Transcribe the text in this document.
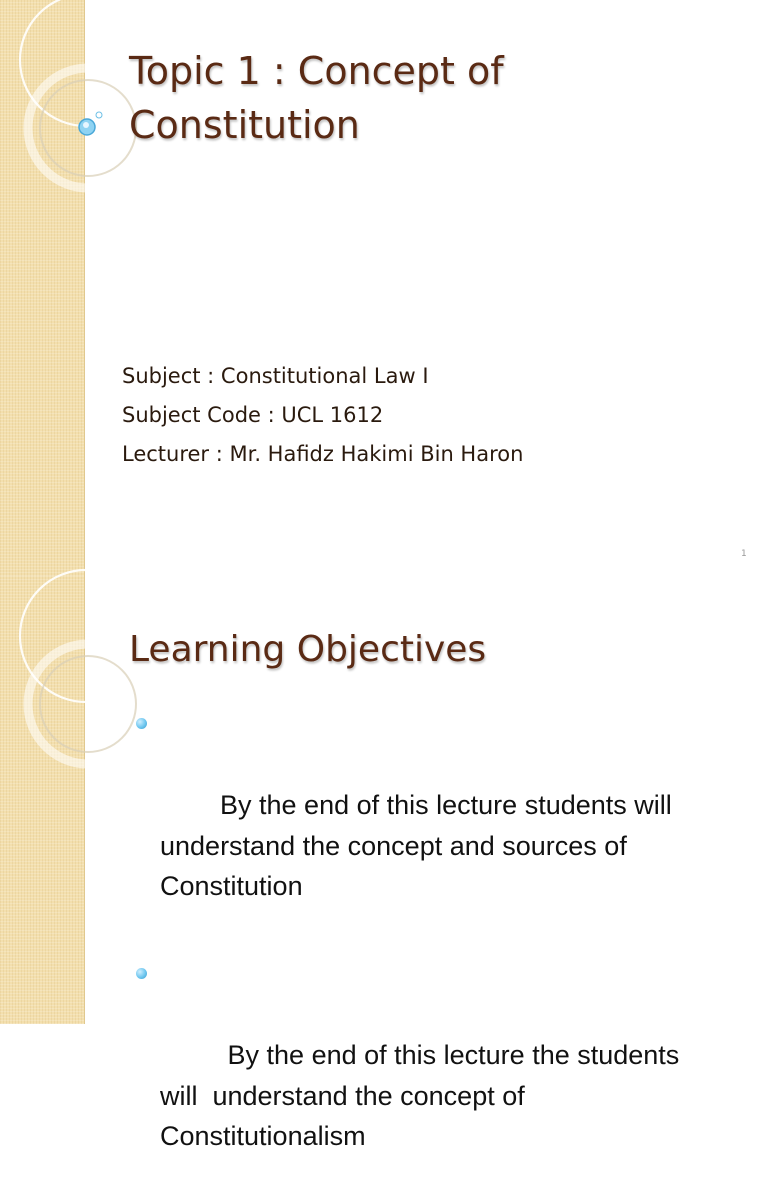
Topic 1 : Concept of
Constitution
Subject : Constitutional Law I
Subject Code : UCL 1612
Lecturer : Mr. Hafidz Hakimi Bin Haron
1
Learning Objectives

By the end of this lecture students will understand the concept and sources of Constitution

By the end of this lecture the students will  understand the concept of Constitutionalism
